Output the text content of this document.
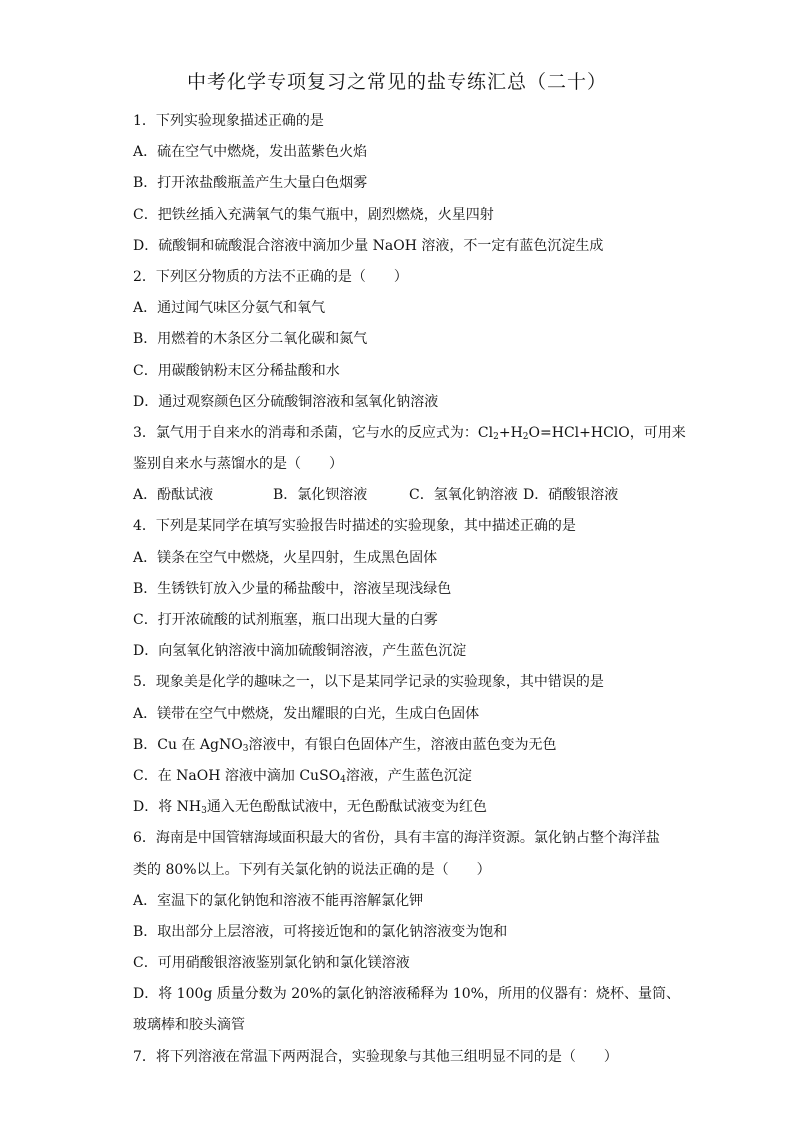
中考化学专项复习之常见的盐专练汇总（二十）
1．下列实验现象描述正确的是
A．硫在空气中燃烧，发出蓝紫色火焰
B．打开浓盐酸瓶盖产生大量白色烟雾
C．把铁丝插入充满氧气的集气瓶中，剧烈燃烧，火星四射
D．硫酸铜和硫酸混合溶液中滴加少量 NaOH 溶液，不一定有蓝色沉淀生成
2．下列区分物质的方法不正确的是（　　）
A．通过闻气味区分氨气和氧气
B．用燃着的木条区分二氧化碳和氮气
C．用碳酸钠粉末区分稀盐酸和水
D．通过观察颜色区分硫酸铜溶液和氢氧化钠溶液
3．氯气用于自来水的消毒和杀菌，它与水的反应式为：$Cl_2+H_2O=HCl+HClO$，可用来
鉴别自来水与蒸馏水的是（　　）
A．酚酞试液	B．氯化钡溶液	C．氢氧化钠溶液 D．硝酸银溶液
4．下列是某同学在填写实验报告时描述的实验现象，其中描述正确的是
A．镁条在空气中燃烧，火星四射，生成黑色固体
B．生锈铁钉放入少量的稀盐酸中，溶液呈现浅绿色
C．打开浓硫酸的试剂瓶塞，瓶口出现大量的白雾
D．向氢氧化钠溶液中滴加硫酸铜溶液，产生蓝色沉淀
5．现象美是化学的趣味之一，以下是某同学记录的实验现象，其中错误的是
A．镁带在空气中燃烧，发出耀眼的白光，生成白色固体
B．Cu 在 AgNO$_3$溶液中，有银白色固体产生，溶液由蓝色变为无色
C．在 NaOH 溶液中滴加 CuSO$_4$溶液，产生蓝色沉淀
D．将 $NH_3$通入无色酚酞试液中，无色酚酞试液变为红色
6．海南是中国管辖海域面积最大的省份，具有丰富的海洋资源。氯化钠占整个海洋盐
类的 80%以上。下列有关氯化钠的说法正确的是（　　）
A．室温下的氯化钠饱和溶液不能再溶解氯化钾
B．取出部分上层溶液，可将接近饱和的氯化钠溶液变为饱和
C．可用硝酸银溶液鉴别氯化钠和氯化镁溶液
D．将 100g 质量分数为 20%的氯化钠溶液稀释为 10%，所用的仪器有：烧杯、量筒、
玻璃棒和胶头滴管
7．将下列溶液在常温下两两混合，实验现象与其他三组明显不同的是（　　）
